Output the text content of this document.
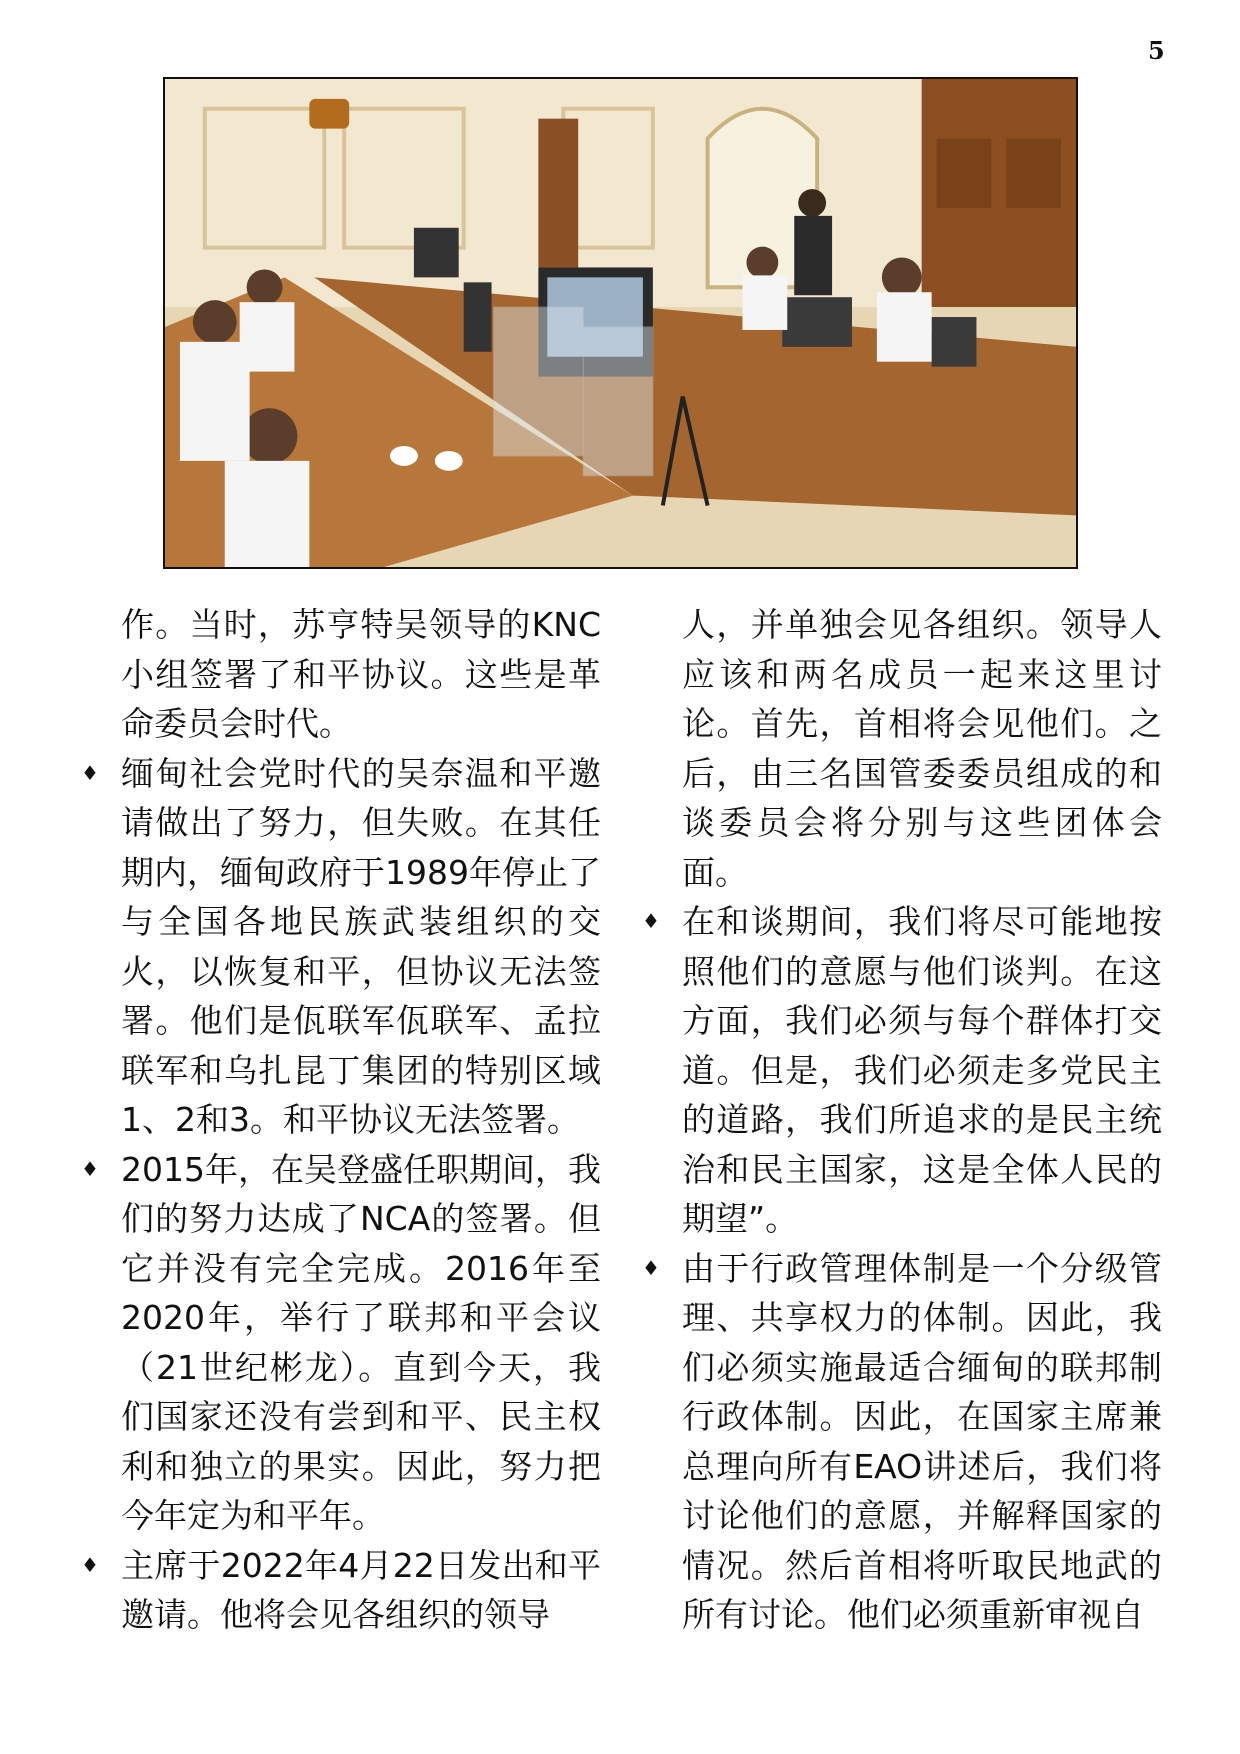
5

作。当时，苏亨特吴领导的KNC小组签署了和平协议。这些是革命委员会时代。

♦ 缅甸社会党时代的吴奈温和平邀请做出了努力，但失败。在其任期内，缅甸政府于1989年停止了与全国各地民族武装组织的交火，以恢复和平，但协议无法签署。他们是佤联军佤联军、孟拉联军和乌扎昆丁集团的特别区域1、2和3。和平协议无法签署。

♦ 2015年，在吴登盛任职期间，我们的努力达成了NCA的签署。但它并没有完全完成。2016年至2020年，举行了联邦和平会议（21世纪彬龙）。直到今天，我们国家还没有尝到和平、民主权利和独立的果实。因此，努力把今年定为和平年。

♦ 主席于2022年4月22日发出和平邀请。他将会见各组织的领导

人，并单独会见各组织。领导人应该和两名成员一起来这里讨论。首先，首相将会见他们。之后，由三名国管委委员组成的和谈委员会将分别与这些团体会面。

♦ 在和谈期间，我们将尽可能地按照他们的意愿与他们谈判。在这方面，我们必须与每个群体打交道。但是，我们必须走多党民主的道路，我们所追求的是民主统治和民主国家，这是全体人民的期望”。

♦ 由于行政管理体制是一个分级管理、共享权力的体制。因此，我们必须实施最适合缅甸的联邦制行政体制。因此，在国家主席兼总理向所有EAO讲述后，我们将讨论他们的意愿，并解释国家的情况。然后首相将听取民地武的所有讨论。他们必须重新审视自
